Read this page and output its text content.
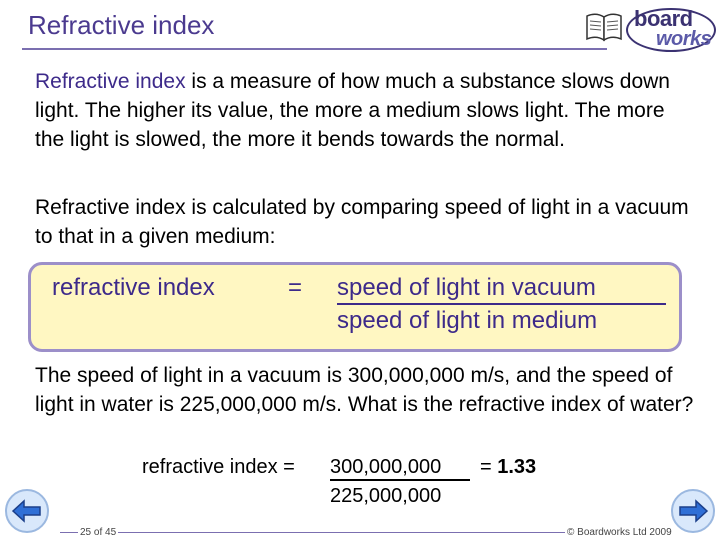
Refractive index	board
works
Refractive index is a measure of how much a substance slows down light. The higher its value, the more a medium slows light. The more the light is slowed, the more it bends towards the normal.
Refractive index is calculated by comparing speed of light in a vacuum to that in a given medium:
refractive index	= speed of light in vacuum
speed of light in medium
The speed of light in a vacuum is 300,000,000 m/s, and the speed of light in water is 225,000,000 m/s. What is the refractive index of water?
refractive index = 300,000,000 = 1.33
225,000,000
25 of 45	© Boardworks Ltd 2009
